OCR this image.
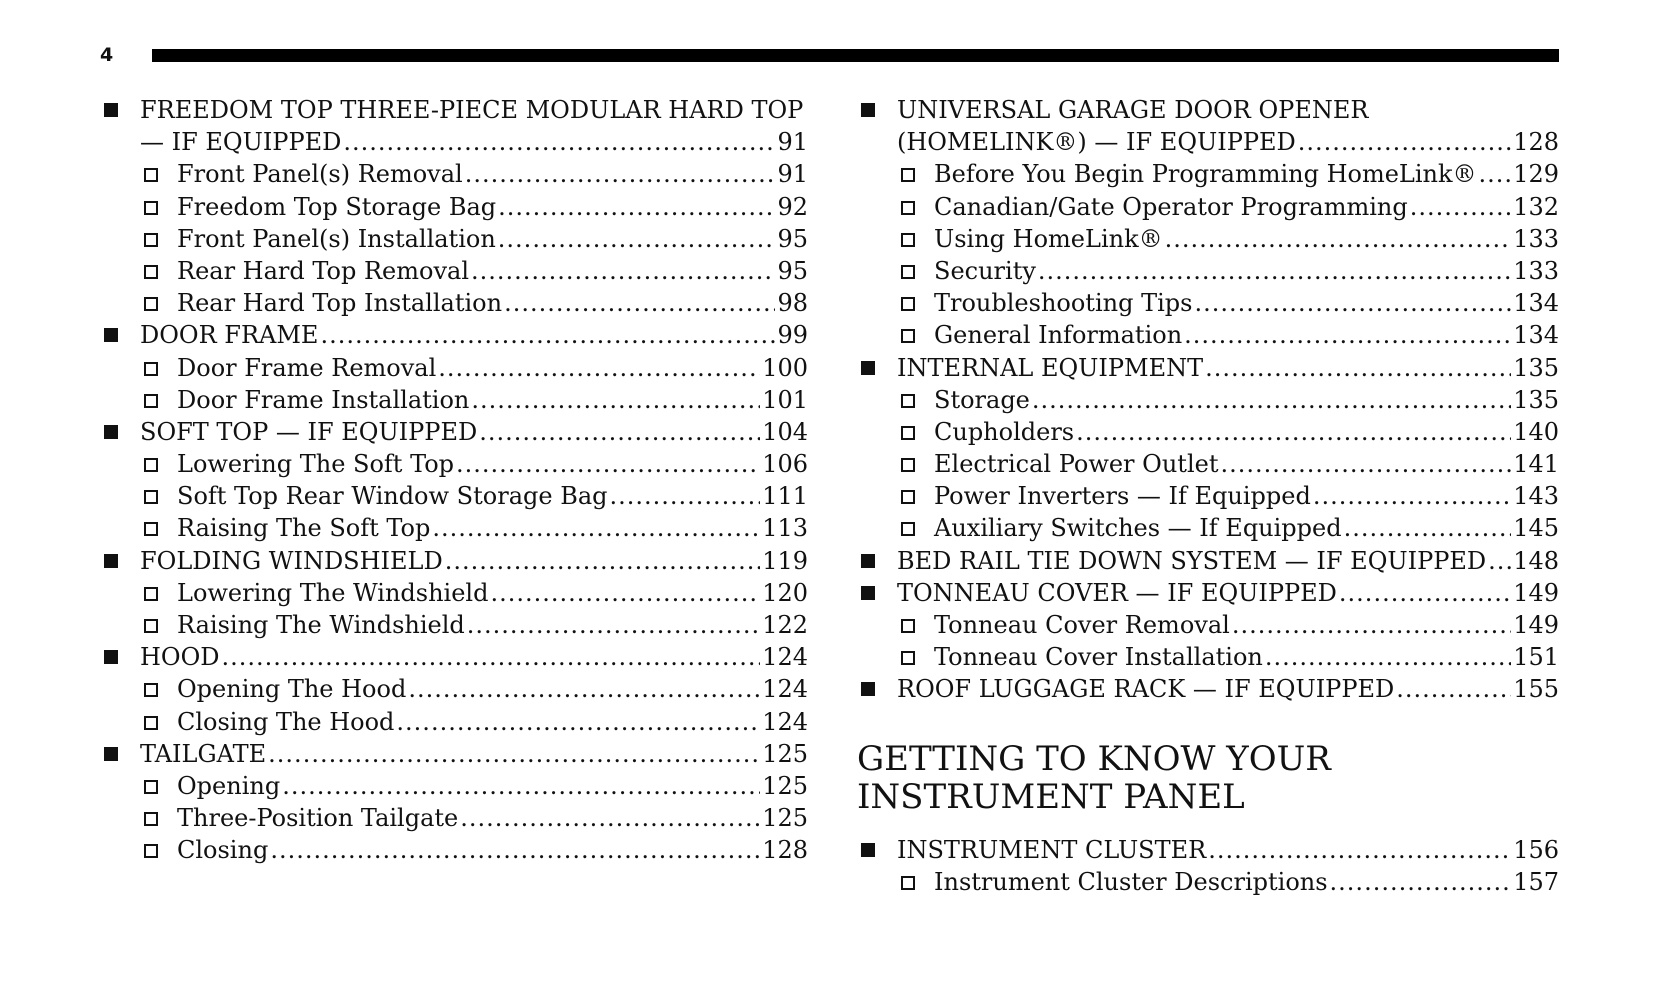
4
FREEDOM TOP THREE-PIECE MODULAR HARD TOP
— IF EQUIPPED .....	91
Front Panel(s) Removal .....	91
Freedom Top Storage Bag .....	92
Front Panel(s) Installation .....	95
Rear Hard Top Removal .....	95
Rear Hard Top Installation .....	98
DOOR FRAME .....	99
Door Frame Removal .....	100
Door Frame Installation .....	101
SOFT TOP — IF EQUIPPED .....	104
Lowering The Soft Top .....	106
Soft Top Rear Window Storage Bag .....	111
Raising The Soft Top .....	113
FOLDING WINDSHIELD .....	119
Lowering The Windshield .....	120
Raising The Windshield .....	122
HOOD .....	124
Opening The Hood .....	124
Closing The Hood .....	124
TAILGATE .....	125
Opening .....	125
Three-Position Tailgate .....	125
Closing .....	128
UNIVERSAL GARAGE DOOR OPENER
(HOMELINK®) — IF EQUIPPED .....	128
Before You Begin Programming HomeLink® ..... 129
Canadian/Gate Operator Programming .....	132
Using HomeLink® .....	133
Security .....	133
Troubleshooting Tips .....	134
General Information .....	134
INTERNAL EQUIPMENT .....	135
Storage .....	135
Cupholders .....	140
Electrical Power Outlet .....	141
Power Inverters — If Equipped .....	143
Auxiliary Switches — If Equipped .....	145
BED RAIL TIE DOWN SYSTEM — IF EQUIPPED ..... 148
TONNEAU COVER — IF EQUIPPED .....	149
Tonneau Cover Removal .....	149
Tonneau Cover Installation .....	151
ROOF LUGGAGE RACK — IF EQUIPPED .....	155
GETTING TO KNOW YOUR INSTRUMENT PANEL
INSTRUMENT CLUSTER .....	156
Instrument Cluster Descriptions .....	157
